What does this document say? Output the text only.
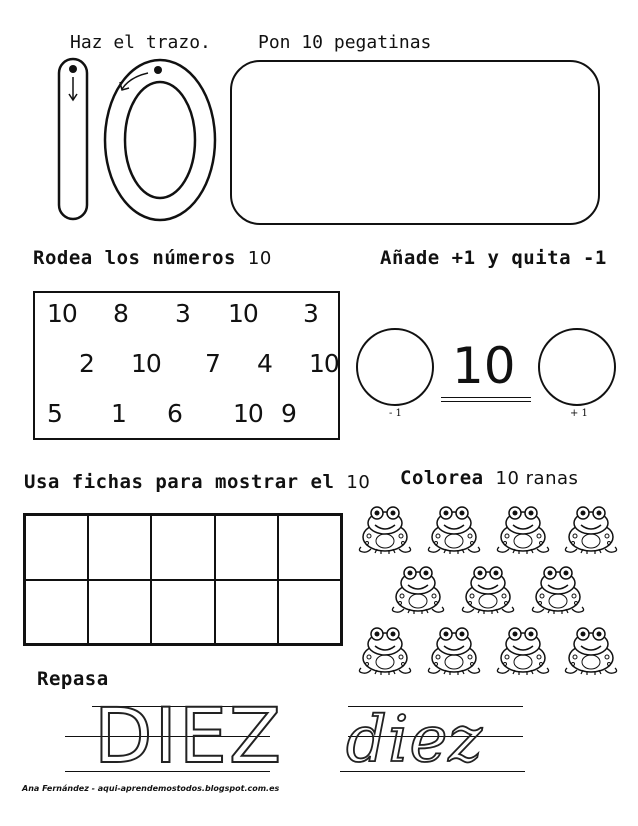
Haz el trazo.	Pon 10 pegatinas
Rodea los números 10
10 8 3 10 3
2 10 7 4 10
5 1 6 10 9
Añade +1 y quita -1
- 1
10
+ 1
Usa fichas para mostrar el 10 Colorea 10 ranas
Repasa
DIEZ diez
Ana Fernández - aqui-aprendemostodos.blogspot.com.es
